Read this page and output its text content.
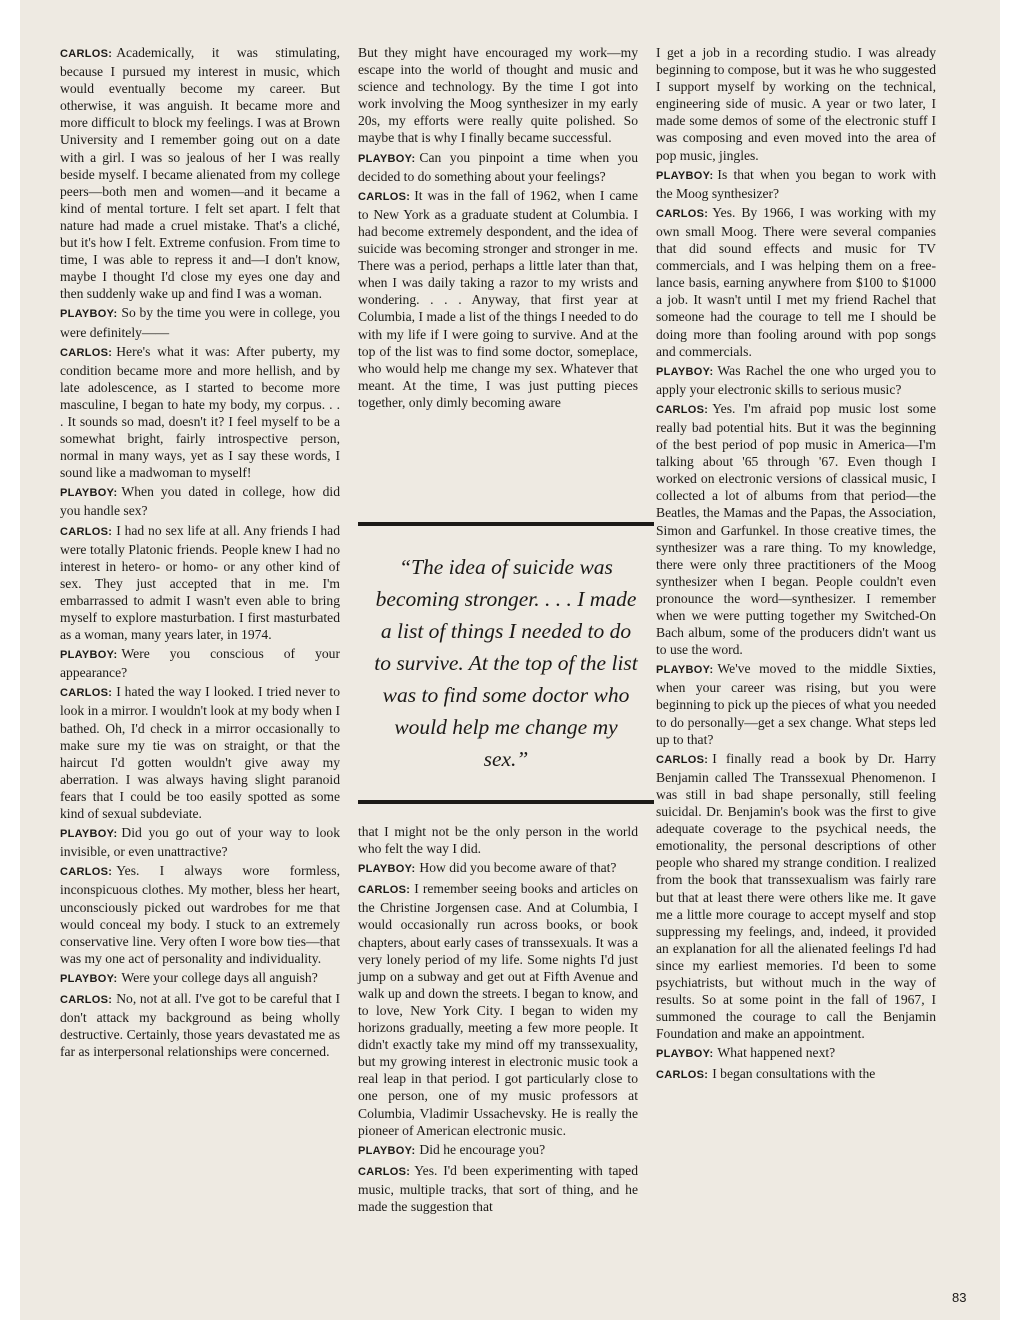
CARLOS: Academically, it was stimulating, because I pursued my interest in music, which would eventually become my career. But otherwise, it was anguish. It became more and more difficult to block my feelings. I was at Brown University and I remember going out on a date with a girl. I was so jealous of her I was really beside myself. I became alienated from my college peers—both men and women—and it became a kind of mental torture. I felt set apart. I felt that nature had made a cruel mistake. That's a cliché, but it's how I felt. Extreme confusion. From time to time, I was able to repress it and—I don't know, maybe I thought I'd close my eyes one day and then suddenly wake up and find I was a woman.

PLAYBOY: So by the time you were in college, you were definitely——

CARLOS: Here's what it was: After puberty, my condition became more and more hellish, and by late adolescence, as I started to become more masculine, I began to hate my body, my corpus. . . . It sounds so mad, doesn't it? I feel myself to be a somewhat bright, fairly introspective person, normal in many ways, yet as I say these words, I sound like a madwoman to myself!

PLAYBOY: When you dated in college, how did you handle sex?

CARLOS: I had no sex life at all. Any friends I had were totally Platonic friends. People knew I had no interest in hetero- or homo- or any other kind of sex. They just accepted that in me. I'm embarrassed to admit I wasn't even able to bring myself to explore masturbation. I first masturbated as a woman, many years later, in 1974.

PLAYBOY: Were you conscious of your appearance?

CARLOS: I hated the way I looked. I tried never to look in a mirror. I wouldn't look at my body when I bathed. Oh, I'd check in a mirror occasionally to make sure my tie was on straight, or that the haircut I'd gotten wouldn't give away my aberration. I was always having slight paranoid fears that I could be too easily spotted as some kind of sexual subdeviate.

PLAYBOY: Did you go out of your way to look invisible, or even unattractive?

CARLOS: Yes. I always wore formless, inconspicuous clothes. My mother, bless her heart, unconsciously picked out wardrobes for me that would conceal my body. I stuck to an extremely conservative line. Very often I wore bow ties—that was my one act of personality and individuality.

PLAYBOY: Were your college days all anguish?

CARLOS: No, not at all. I've got to be careful that I don't attack my background as being wholly destructive. Certainly, those years devastated me as far as interpersonal relationships were concerned.

But they might have encouraged my work—my escape into the world of thought and music and science and technology. By the time I got into work involving the Moog synthesizer in my early 20s, my efforts were really quite polished. So maybe that is why I finally became successful.

PLAYBOY: Can you pinpoint a time when you decided to do something about your feelings?

CARLOS: It was in the fall of 1962, when I came to New York as a graduate student at Columbia. I had become extremely despondent, and the idea of suicide was becoming stronger and stronger in me. There was a period, perhaps a little later than that, when I was daily taking a razor to my wrists and wondering. . . . Anyway, that first year at Columbia, I made a list of the things I needed to do with my life if I were going to survive. And at the top of the list was to find some doctor, someplace, who would help me change my sex. Whatever that meant. At the time, I was just putting pieces together, only dimly becoming aware

“The idea of suicide was becoming stronger. . . . I made a list of things I needed to do to survive. At the top of the list was to find some doctor who would help me change my sex.”

that I might not be the only person in the world who felt the way I did.

PLAYBOY: How did you become aware of that?

CARLOS: I remember seeing books and articles on the Christine Jorgensen case. And at Columbia, I would occasionally run across books, or book chapters, about early cases of transsexuals. It was a very lonely period of my life. Some nights I'd just jump on a subway and get out at Fifth Avenue and walk up and down the streets. I began to know, and to love, New York City. I began to widen my horizons gradually, meeting a few more people. It didn't exactly take my mind off my transsexuality, but my growing interest in electronic music took a real leap in that period. I got particularly close to one person, one of my music professors at Columbia, Vladimir Ussachevsky. He is really the pioneer of American electronic music.

PLAYBOY: Did he encourage you?

CARLOS: Yes. I'd been experimenting with taped music, multiple tracks, that sort of thing, and he made the suggestion that

I get a job in a recording studio. I was already beginning to compose, but it was he who suggested I support myself by working on the technical, engineering side of music. A year or two later, I made some demos of some of the electronic stuff I was composing and even moved into the area of pop music, jingles.

PLAYBOY: Is that when you began to work with the Moog synthesizer?

CARLOS: Yes. By 1966, I was working with my own small Moog. There were several companies that did sound effects and music for TV commercials, and I was helping them on a free-lance basis, earning anywhere from $100 to $1000 a job. It wasn't until I met my friend Rachel that someone had the courage to tell me I should be doing more than fooling around with pop songs and commercials.

PLAYBOY: Was Rachel the one who urged you to apply your electronic skills to serious music?

CARLOS: Yes. I'm afraid pop music lost some really bad potential hits. But it was the beginning of the best period of pop music in America—I'm talking about '65 through '67. Even though I worked on electronic versions of classical music, I collected a lot of albums from that period—the Beatles, the Mamas and the Papas, the Association, Simon and Garfunkel. In those creative times, the synthesizer was a rare thing. To my knowledge, there were only three practitioners of the Moog synthesizer when I began. People couldn't even pronounce the word—synthesizer. I remember when we were putting together my Switched-On Bach album, some of the producers didn't want us to use the word.

PLAYBOY: We've moved to the middle Sixties, when your career was rising, but you were beginning to pick up the pieces of what you needed to do personally—get a sex change. What steps led up to that?

CARLOS: I finally read a book by Dr. Harry Benjamin called The Transsexual Phenomenon. I was still in bad shape personally, still feeling suicidal. Dr. Benjamin's book was the first to give adequate coverage to the psychical needs, the emotionality, the personal descriptions of other people who shared my strange condition. I realized from the book that transsexualism was fairly rare but that at least there were others like me. It gave me a little more courage to accept myself and stop suppressing my feelings, and, indeed, it provided an explanation for all the alienated feelings I'd had since my earliest memories. I'd been to some psychiatrists, but without much in the way of results. So at some point in the fall of 1967, I summoned the courage to call the Benjamin Foundation and make an appointment.

PLAYBOY: What happened next?

CARLOS: I began consultations with the

83
